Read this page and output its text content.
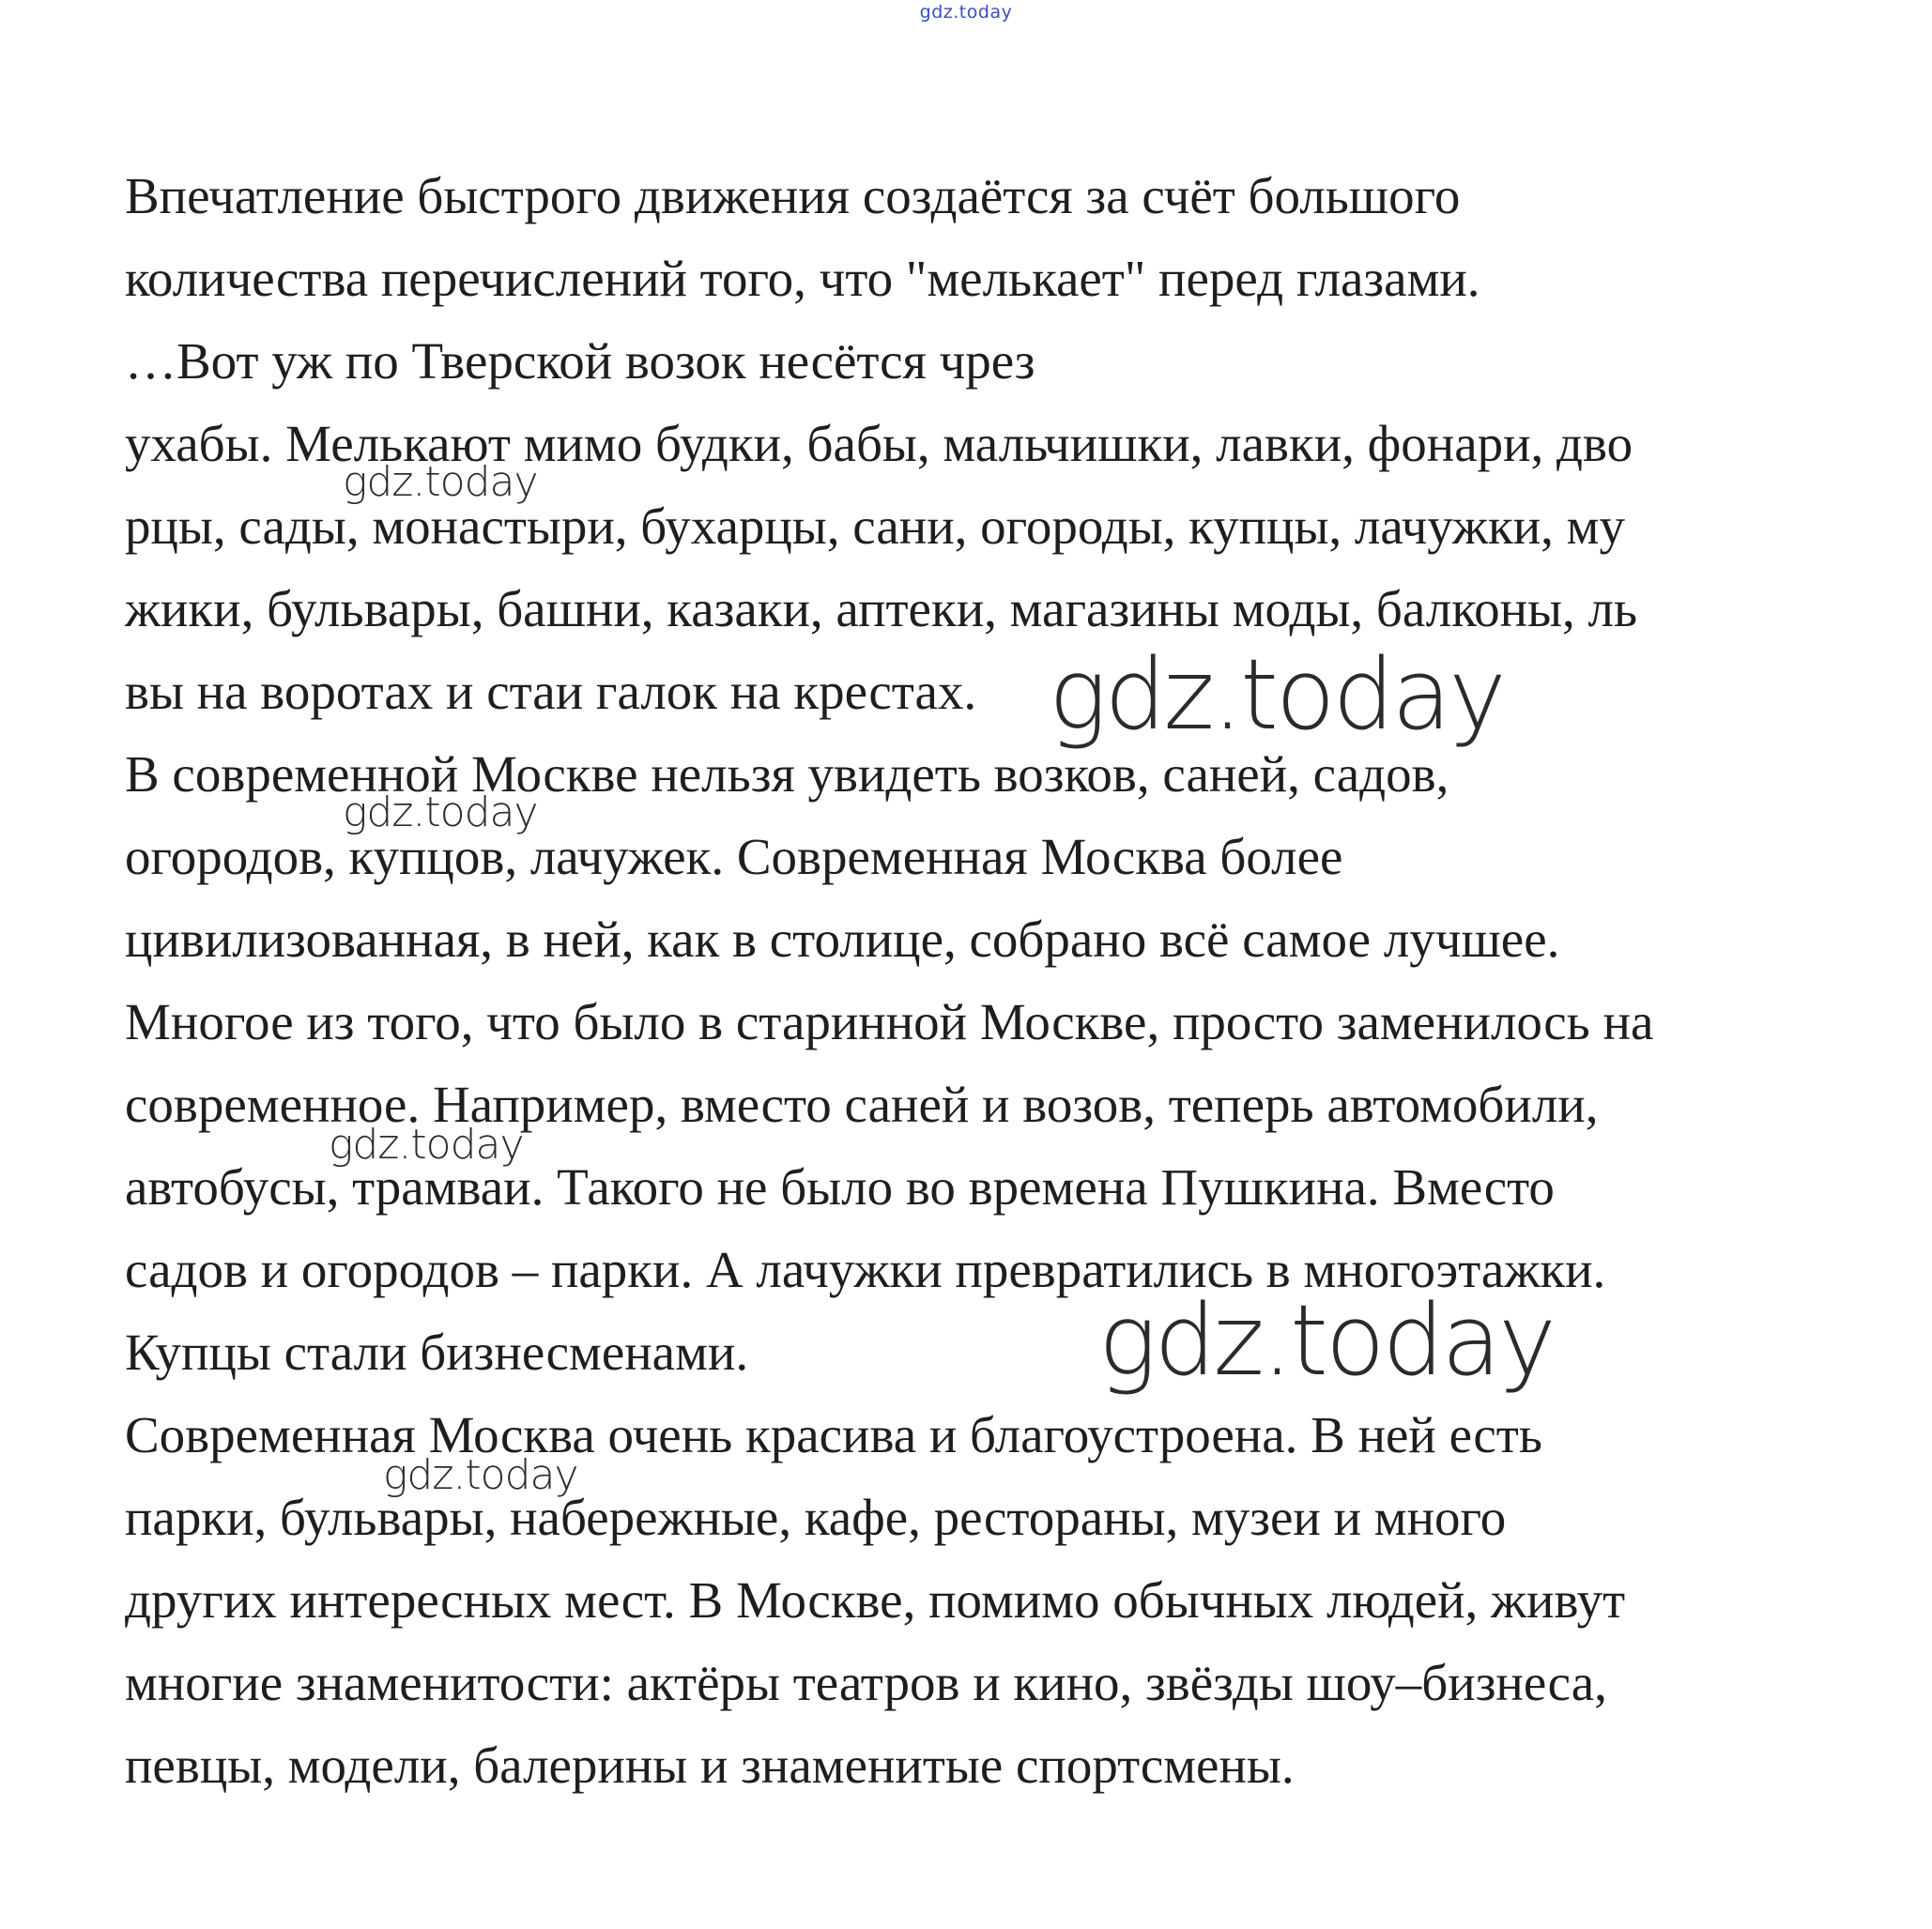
gdz.today
Впечатление быстрого движения создаётся за счёт большого
количества перечислений того, что "мелькает" перед глазами.
…Вот уж по Тверской возок несётся чрез
ухабы. Мелькают мимо будки, бабы, мальчишки, лавки, фонари, дво
рцы, сады, монастыри, бухарцы, сани, огороды, купцы, лачужки, му
жики, бульвары, башни, казаки, аптеки, магазины моды, балконы, ль
вы на воротах и стаи галок на крестах.
В современной Москве нельзя увидеть возков, саней, садов,
огородов, купцов, лачужек. Современная Москва более
цивилизованная, в ней, как в столице, собрано всё самое лучшее.
Многое из того, что было в старинной Москве, просто заменилось на
современное. Например, вместо саней и возов, теперь автомобили,
автобусы, трамваи. Такого не было во времена Пушкина. Вместо
садов и огородов – парки. А лачужки превратились в многоэтажки.
Купцы стали бизнесменами.
Современная Москва очень красива и благоустроена. В ней есть
парки, бульвары, набережные, кафе, рестораны, музеи и много
других интересных мест. В Москве, помимо обычных людей, живут
многие знаменитости: актёры театров и кино, звёзды шоу–бизнеса,
певцы, модели, балерины и знаменитые спортсмены.
gdz.today
gdz.today
gdz.today
gdz.today
gdz.today
gdz.today
